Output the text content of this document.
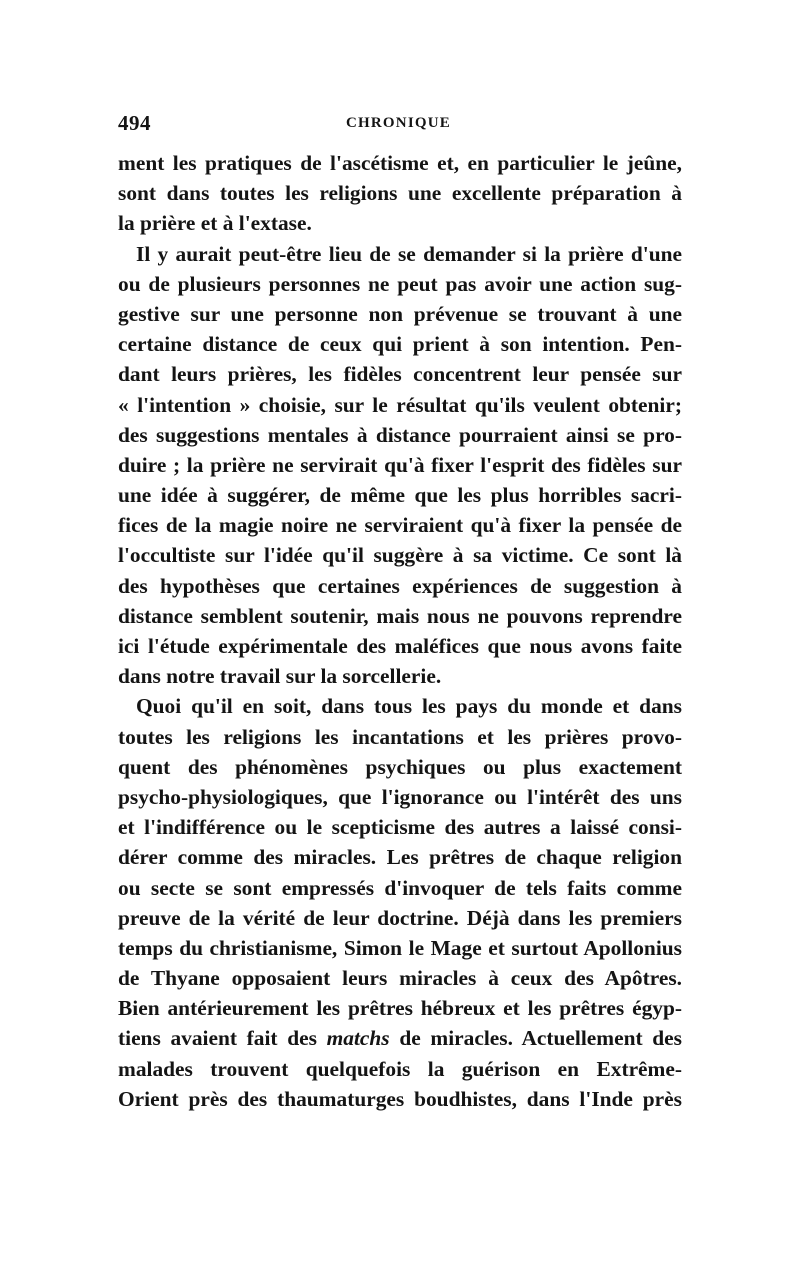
494	CHRONIQUE
ment les pratiques de l'ascétisme et, en particulier le jeûne,
sont dans toutes les religions une excellente préparation à
la prière et à l'extase.
Il y aurait peut-être lieu de se demander si la prière d'une
ou de plusieurs personnes ne peut pas avoir une action sug-
gestive sur une personne non prévenue se trouvant à une
certaine distance de ceux qui prient à son intention. Pen-
dant leurs prières, les fidèles concentrent leur pensée sur
« l'intention » choisie, sur le résultat qu'ils veulent obtenir;
des suggestions mentales à distance pourraient ainsi se pro-
duire ; la prière ne servirait qu'à fixer l'esprit des fidèles sur
une idée à suggérer, de même que les plus horribles sacri-
fices de la magie noire ne serviraient qu'à fixer la pensée de
l'occultiste sur l'idée qu'il suggère à sa victime. Ce sont là
des hypothèses que certaines expériences de suggestion à
distance semblent soutenir, mais nous ne pouvons reprendre
ici l'étude expérimentale des maléfices que nous avons faite
dans notre travail sur la sorcellerie.
Quoi qu'il en soit, dans tous les pays du monde et dans
toutes les religions les incantations et les prières provo-
quent des phénomènes psychiques ou plus exactement
psycho-physiologiques, que l'ignorance ou l'intérêt des uns
et l'indifférence ou le scepticisme des autres a laissé consi-
dérer comme des miracles. Les prêtres de chaque religion
ou secte se sont empressés d'invoquer de tels faits comme
preuve de la vérité de leur doctrine. Déjà dans les premiers
temps du christianisme, Simon le Mage et surtout Apollonius
de Thyane opposaient leurs miracles à ceux des Apôtres.
Bien antérieurement les prêtres hébreux et les prêtres égyp-
tiens avaient fait des matchs de miracles. Actuellement des
malades trouvent quelquefois la guérison en Extrême-
Orient près des thaumaturges boudhistes, dans l'Inde près
